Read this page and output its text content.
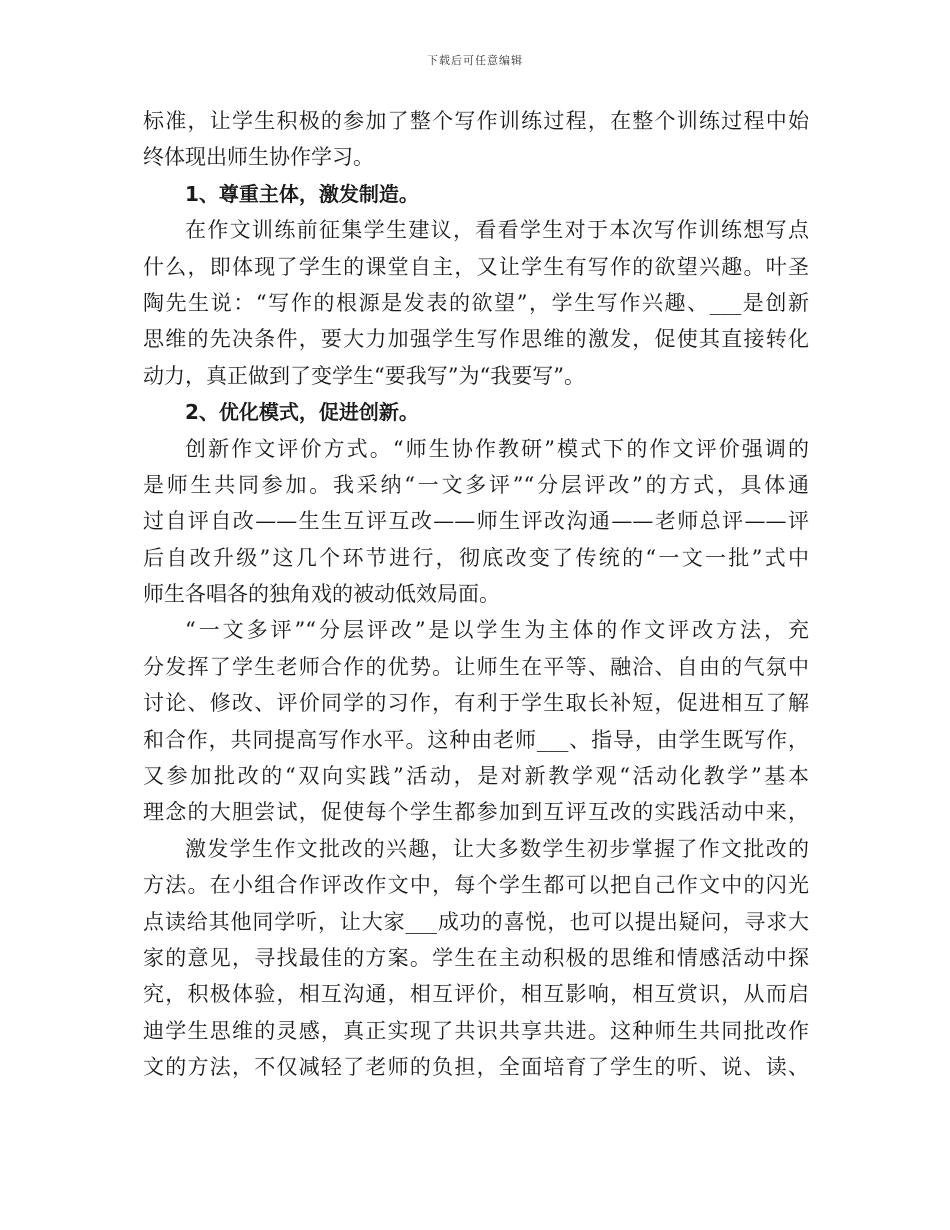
下载后可任意编辑
标准，让学生积极的参加了整个写作训练过程，在整个训练过程中始
终体现出师生协作学习。
1、尊重主体，激发制造。
在作文训练前征集学生建议，看看学生对于本次写作训练想写点
什么，即体现了学生的课堂自主，又让学生有写作的欲望兴趣。叶圣
陶先生说：“写作的根源是发表的欲望”，学生写作兴趣、___是创新
思维的先决条件，要大力加强学生写作思维的激发，促使其直接转化
动力，真正做到了变学生“要我写”为“我要写”。
2、优化模式，促进创新。
创新作文评价方式。“师生协作教研”模式下的作文评价强调的
是师生共同参加。我采纳“一文多评”“分层评改”的方式，具体通
过自评自改——生生互评互改——师生评改沟通——老师总评——评
后自改升级”这几个环节进行，彻底改变了传统的“一文一批”式中
师生各唱各的独角戏的被动低效局面。
“一文多评”“分层评改”是以学生为主体的作文评改方法，充
分发挥了学生老师合作的优势。让师生在平等、融洽、自由的气氛中
讨论、修改、评价同学的习作，有利于学生取长补短，促进相互了解
和合作，共同提高写作水平。这种由老师___、指导，由学生既写作，
又参加批改的“双向实践”活动，是对新教学观“活动化教学”基本
理念的大胆尝试，促使每个学生都参加到互评互改的实践活动中来，
激发学生作文批改的兴趣，让大多数学生初步掌握了作文批改的
方法。在小组合作评改作文中，每个学生都可以把自己作文中的闪光
点读给其他同学听，让大家___成功的喜悦，也可以提出疑问，寻求大
家的意见，寻找最佳的方案。学生在主动积极的思维和情感活动中探
究，积极体验，相互沟通，相互评价，相互影响，相互赏识，从而启
迪学生思维的灵感，真正实现了共识共享共进。这种师生共同批改作
文的方法，不仅减轻了老师的负担，全面培育了学生的听、说、读、
